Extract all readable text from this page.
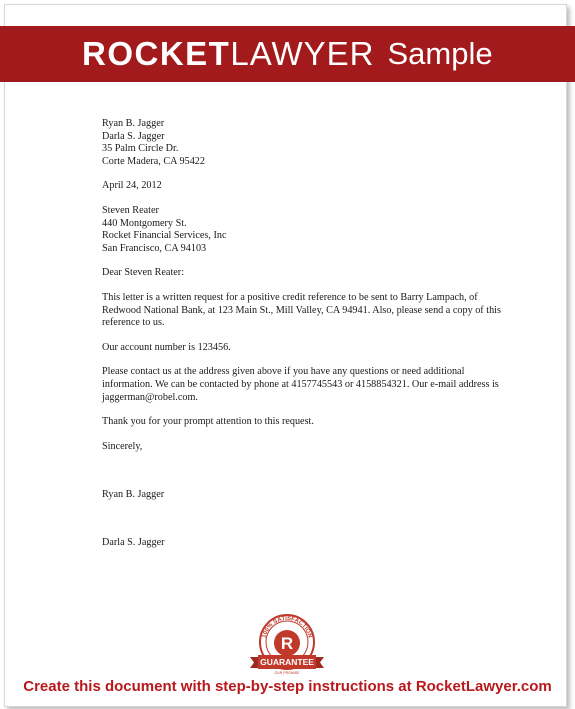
ROCKET LAWYER Sample
Ryan B. Jagger
Darla S. Jagger
35 Palm Circle Dr.
Corte Madera, CA 95422
April 24, 2012
Steven Reater
440 Montgomery St.
Rocket Financial Services, Inc
San Francisco, CA 94103
Dear Steven Reater:
This letter is a written request for a positive credit reference to be sent to Barry Lampach, of Redwood National Bank, at 123 Main St., Mill Valley, CA 94941. Also, please send a copy of this reference to us.
Our account number is 123456.
Please contact us at the address given above if you have any questions or need additional information. We can be contacted by phone at 4157745543 or 4158854321. Our e-mail address is jaggerman@robel.com.
Thank you for your prompt attention to this request.
Sincerely,
Ryan B. Jagger
Darla S. Jagger
100% SATISFACTION
R
GUARANTEE
OUR PROMISE
Create this document with step-by-step instructions at RocketLawyer.com
